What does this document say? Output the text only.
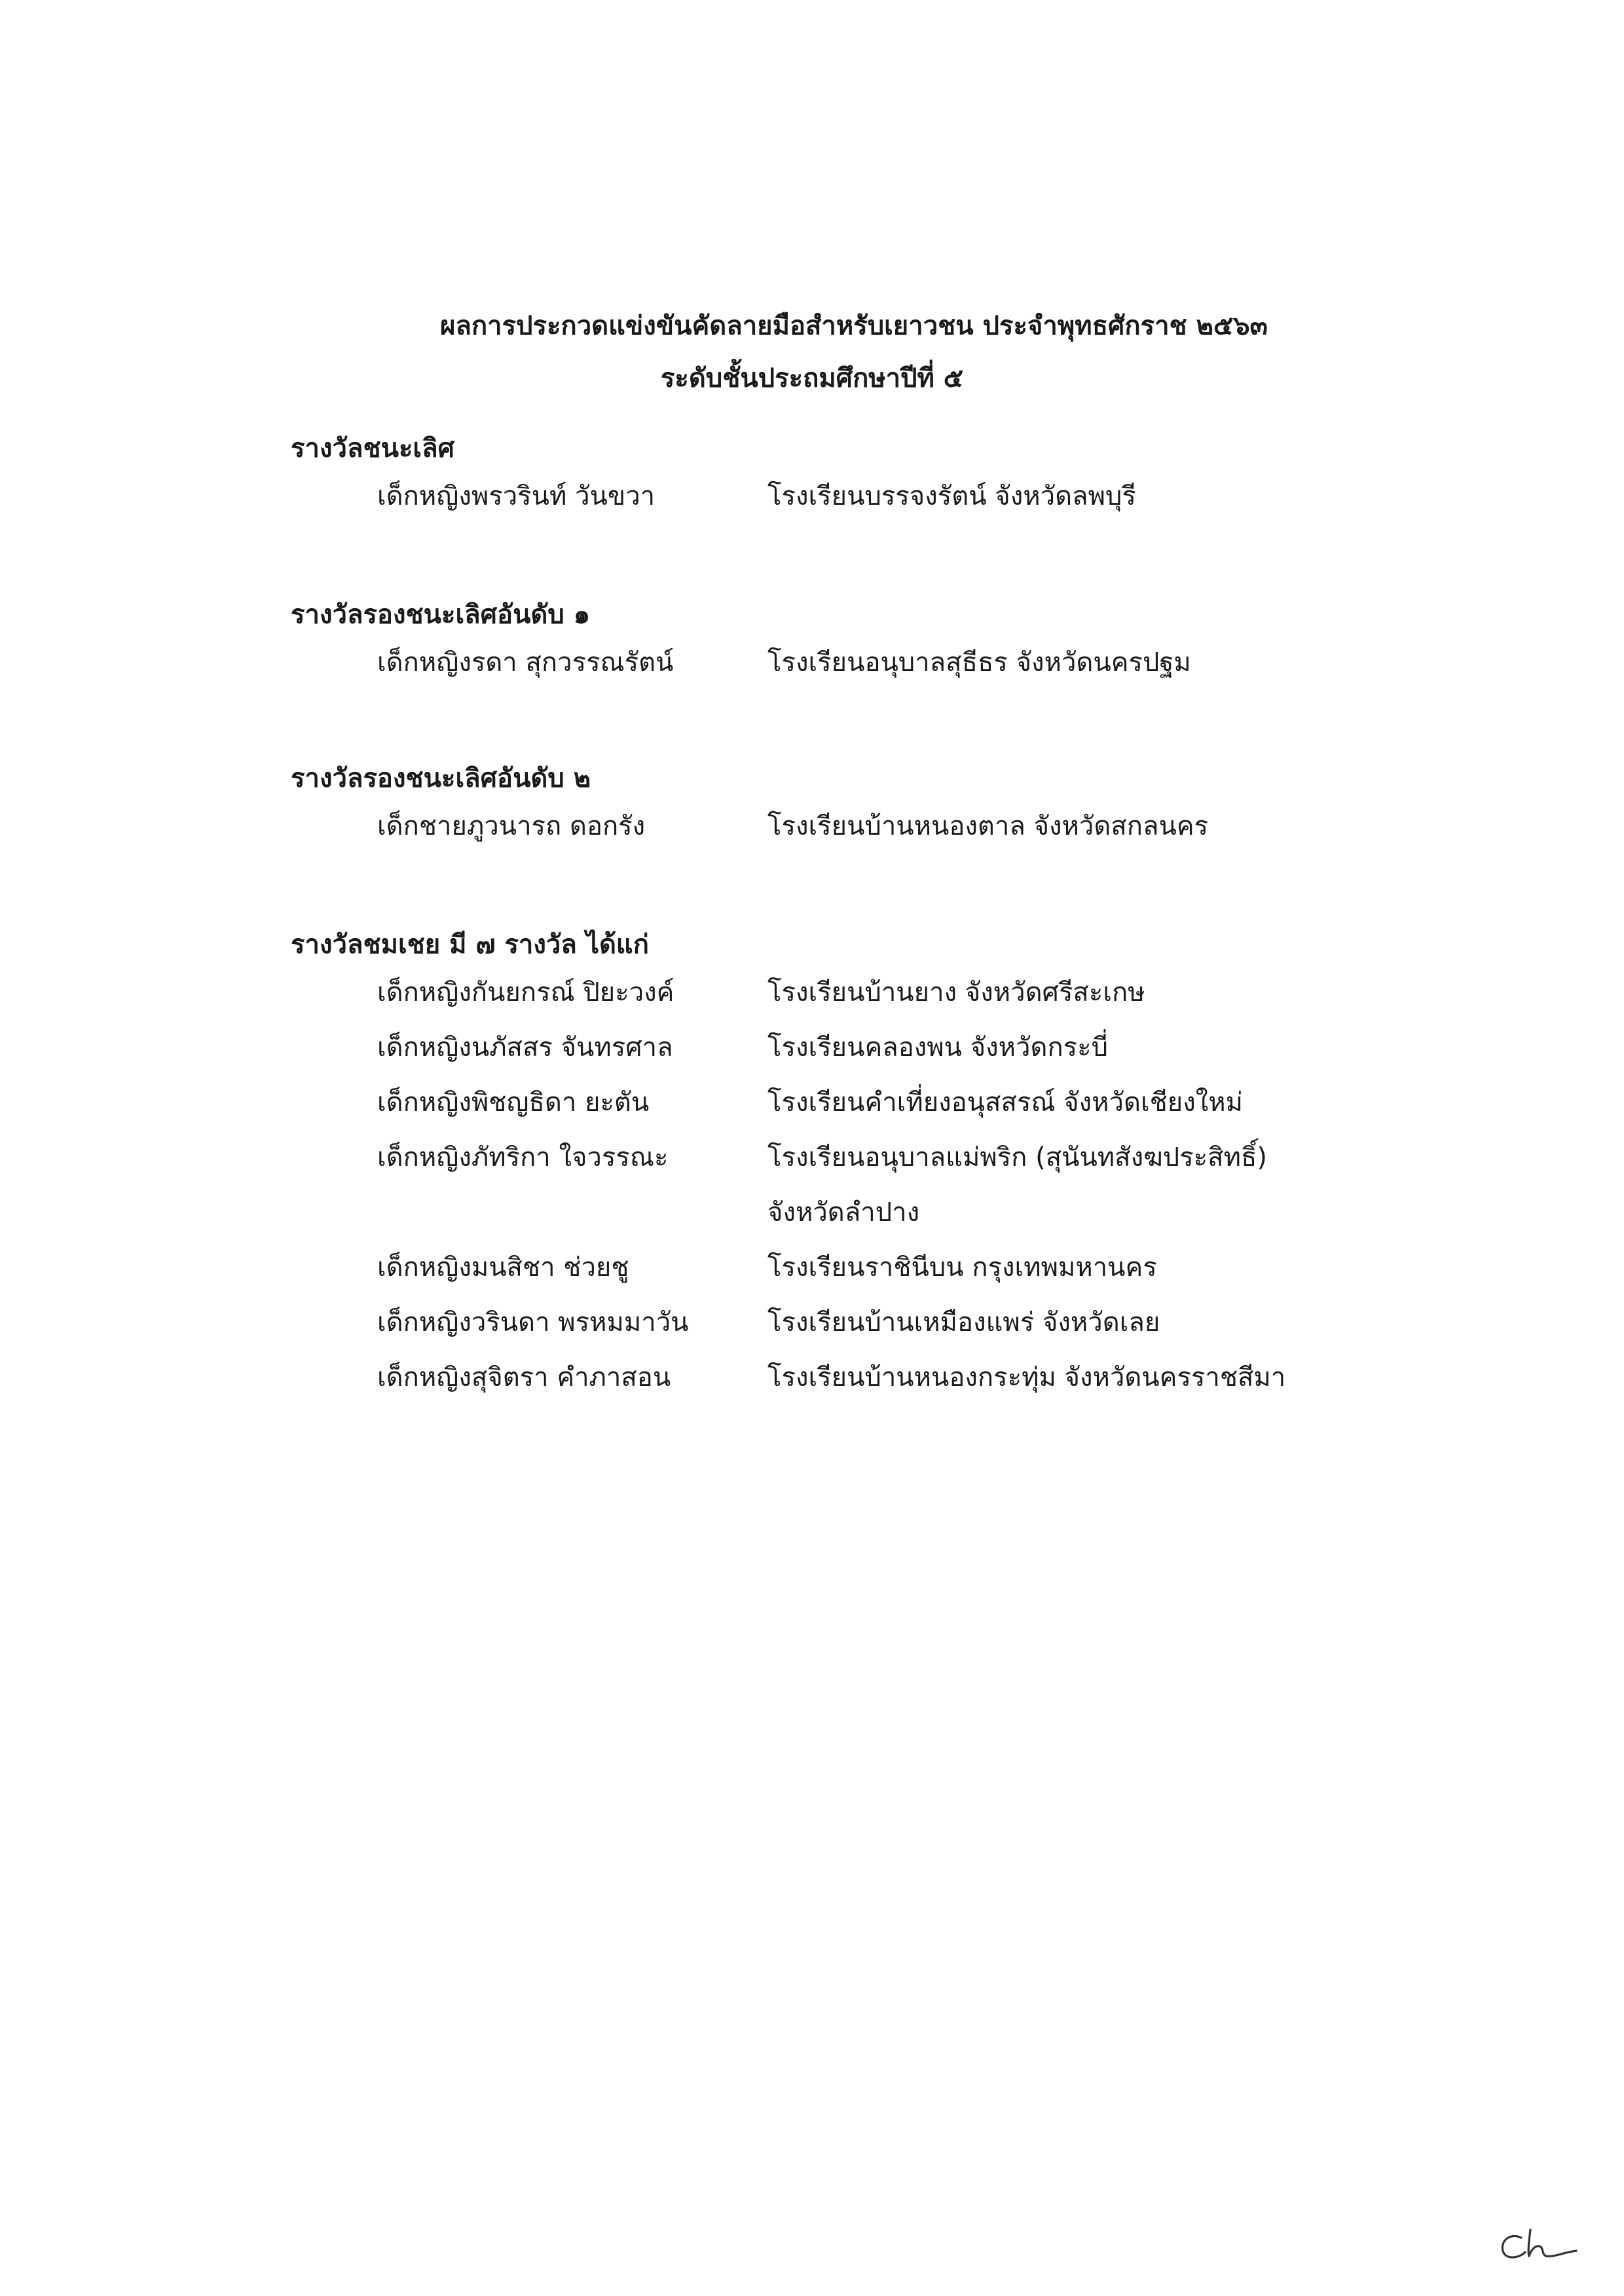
ผลการประกวดแข่งขันคัดลายมือสำหรับเยาวชน ประจำพุทธศักราช ๒๕๖๓
ระดับชั้นประถมศึกษาปีที่ ๕
รางวัลชนะเลิศ
เด็กหญิงพรวรินท์ วันขวา	โรงเรียนบรรจงรัตน์ จังหวัดลพบุรี
รางวัลรองชนะเลิศอันดับ ๑
เด็กหญิงรดา สุกวรรณรัตน์	โรงเรียนอนุบาลสุธีธร จังหวัดนครปฐม
รางวัลรองชนะเลิศอันดับ ๒
เด็กชายภูวนารถ ดอกรัง	โรงเรียนบ้านหนองตาล จังหวัดสกลนคร
รางวัลชมเชย มี ๗ รางวัล ได้แก่
เด็กหญิงกันยกรณ์ ปิยะวงค์	โรงเรียนบ้านยาง จังหวัดศรีสะเกษ
เด็กหญิงนภัสสร จันทรศาล	โรงเรียนคลองพน จังหวัดกระบี่
เด็กหญิงพิชญธิดา ยะตัน	โรงเรียนคำเที่ยงอนุสสรณ์ จังหวัดเชียงใหม่
เด็กหญิงภัทริกา ใจวรรณะ	โรงเรียนอนุบาลแม่พริก (สุนันทสังฆประสิทธิ์)
จังหวัดลำปาง
เด็กหญิงมนสิชา ช่วยชู	โรงเรียนราชินีบน กรุงเทพมหานคร
เด็กหญิงวรินดา พรหมมาวัน	โรงเรียนบ้านเหมืองแพร่ จังหวัดเลย
เด็กหญิงสุจิตรา คำภาสอน	โรงเรียนบ้านหนองกระทุ่ม จังหวัดนครราชสีมา
